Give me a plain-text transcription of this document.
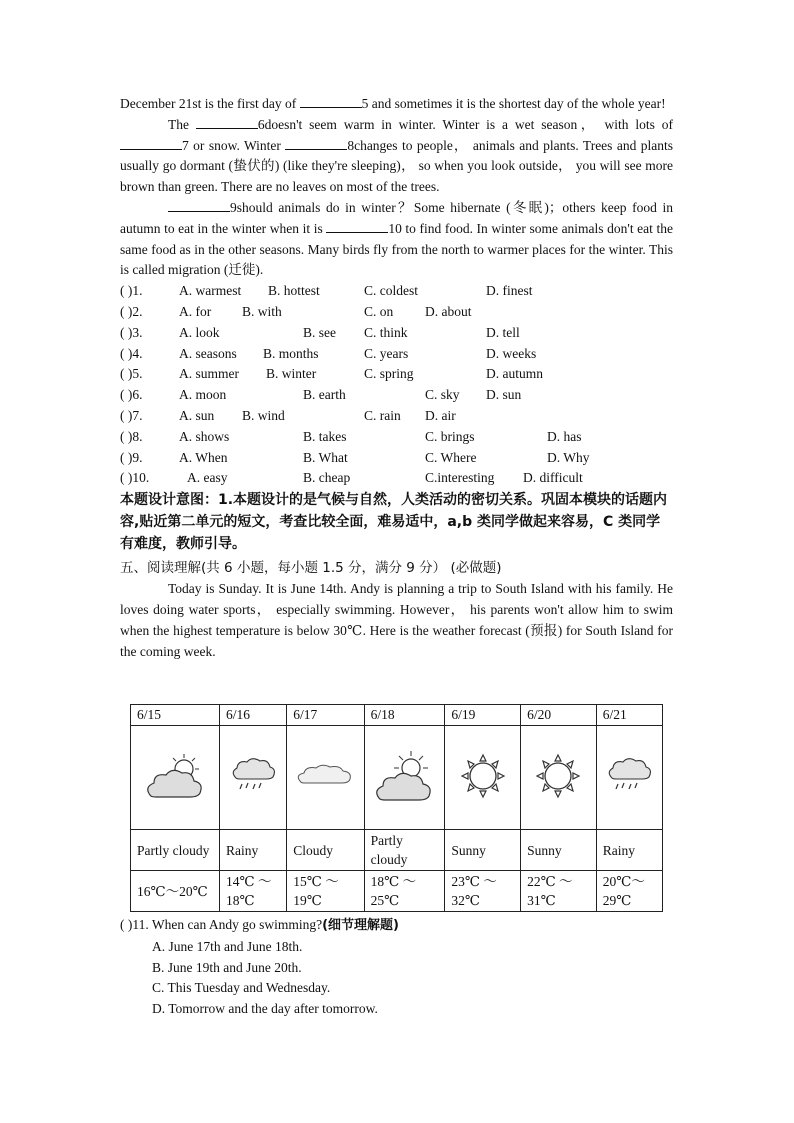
December 21st is the first day of	5 and sometimes it is the shortest day of the whole year!

The	6doesn't seem warm in winter. Winter is a wet season， with lots of 7 or snow. Winter	8changes to people， animals and plants. Trees and plants usually go dormant (蛰伏的) (like they're sleeping)， so when you look outside， you will see more brown than green. There are no leaves on most of the trees.

9should animals do in winter？Some hibernate (冬眠)；others keep food in autumn to eat in the winter when it is	10 to find food. In winter some animals don't eat the same food as in the other seasons. Many birds fly from the north to warmer places for the winter. This is called migration (迁徙).

( )1.	A. warmest B. hottest	C. coldest	D. finest
( )2.	A. for B. with	C. on D. about
( )3.	A. look	B. see C. think	D. tell
( )4.	A. seasons B. months	C. years	D. weeks
( )5.	A. summer B. winter	C. spring	D. autumn
( )6.	A. moon	B. earth	C. sky D. sun
( )7.	A. sun B. wind	C. rain D. air
( )8.	A. shows	B. takes	C. brings	D. has
( )9.	A. When	B. What	C. Where	D. Why
( )10.	A. easy	B. cheap	C.interesting D. difficult

本题设计意图：1.本题设计的是气候与自然，人类活动的密切关系。巩固本模块的话题内容,贴近第二单元的短文，考查比较全面，难易适中，a,b 类同学做起来容易，C 类同学有难度，教师引导。

五、阅读理解(共 6 小题，每小题 1.5 分，满分 9 分） (必做题)

Today is Sunday. It is June 14th. Andy is planning a trip to South Island with his family. He loves doing water sports， especially swimming. However， his parents won't allow him to swim when the highest temperature is below 30℃. Here is the weather forecast (预报) for South Island for the coming week.

6/15	6/16	6/17	6/18	6/19	6/20	6/21

Partly cloudy	Rainy	Cloudy	Partly cloudy	Sunny	Sunny	Rainy
16℃～20℃	14℃ ～ 18℃	15℃ ～ 19℃	18℃ ～ 25℃	23℃ ～ 32℃	22℃ ～ 31℃	20℃～29℃
( )11. When can Andy go swimming?(细节理解题)
A. June 17th and June 18th.
B. June 19th and June 20th.
C. This Tuesday and Wednesday.
D. Tomorrow and the day after tomorrow.
